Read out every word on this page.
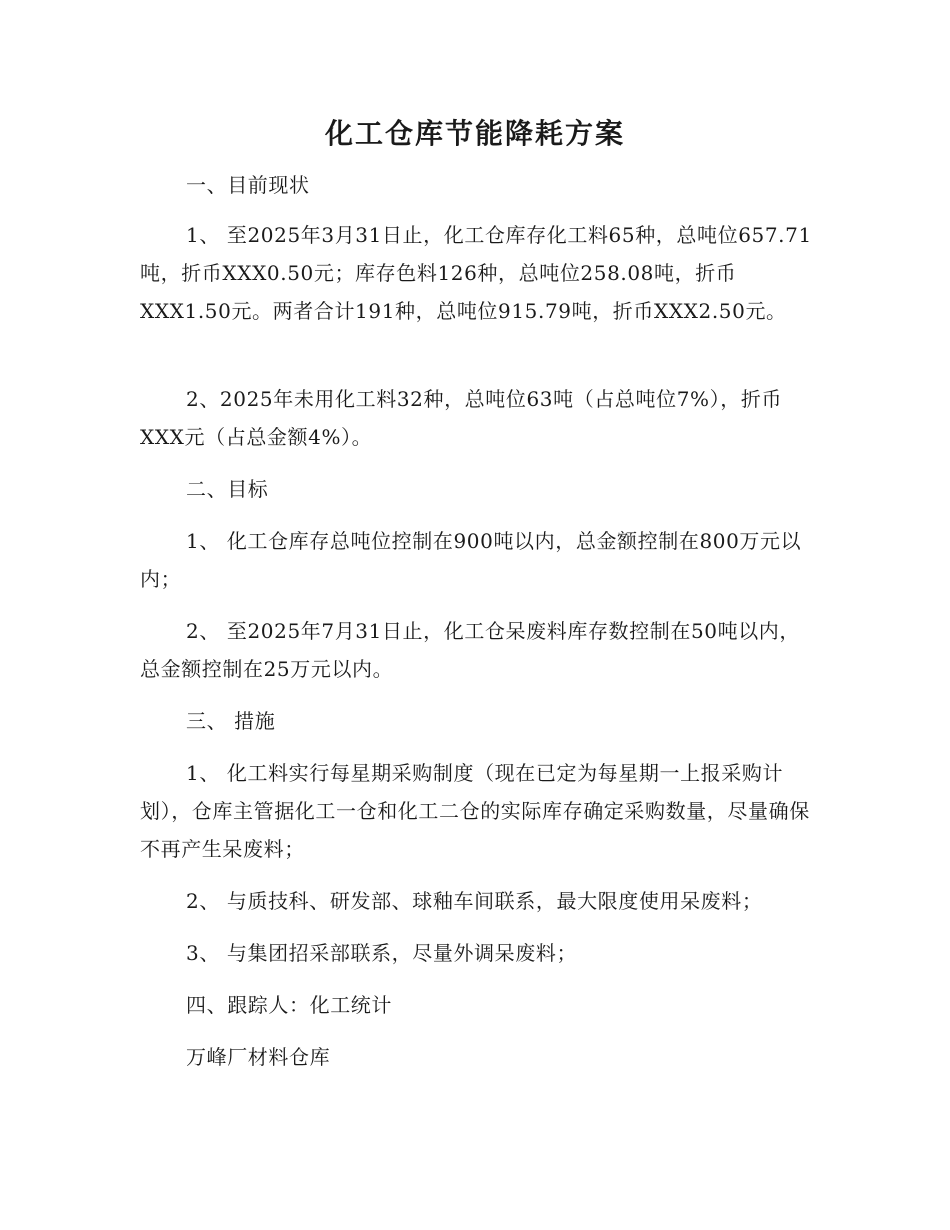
化工仓库节能降耗方案

一、目前现状

1、 至2025年3月31日止，化工仓库存化工料65种，总吨位657.71吨，折币XXX0.50元；库存色料126种，总吨位258.08吨，折币XXX1.50元。两者合计191种，总吨位915.79吨，折币XXX2.50元。

2、2025年未用化工料32种，总吨位63吨（占总吨位7%），折币XXX元（占总金额4%）。

二、目标

1、 化工仓库存总吨位控制在900吨以内，总金额控制在800万元以内；

2、 至2025年7月31日止，化工仓呆废料库存数控制在50吨以内，总金额控制在25万元以内。

三、 措施

1、 化工料实行每星期采购制度（现在已定为每星期一上报采购计划），仓库主管据化工一仓和化工二仓的实际库存确定采购数量，尽量确保不再产生呆废料；

2、 与质技科、研发部、球釉车间联系，最大限度使用呆废料；

3、 与集团招采部联系，尽量外调呆废料；

四、跟踪人：化工统计

万峰厂材料仓库
